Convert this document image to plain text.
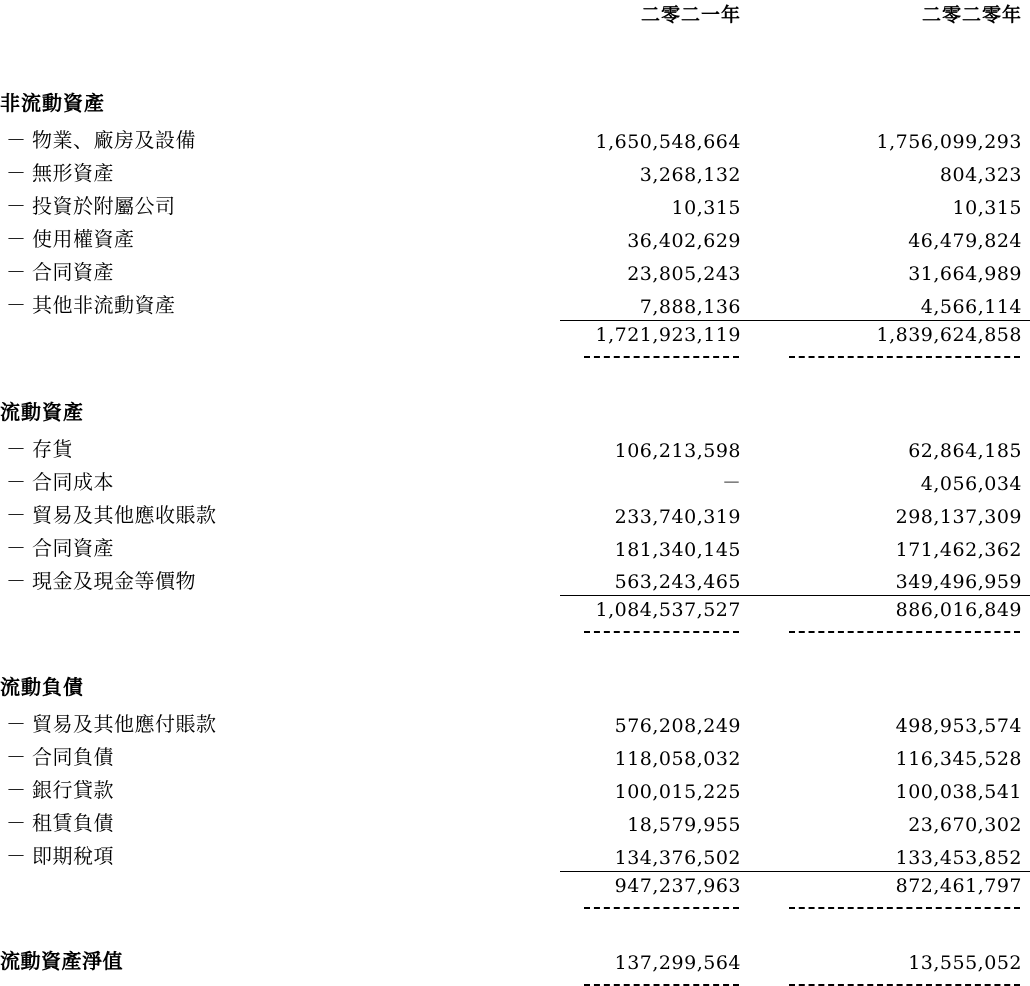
	二零二一年	二零二零年

非流動資產		
－ 物業、廠房及設備	1,650,548,664	1,756,099,293
－ 無形資產	3,268,132	804,323
－ 投資於附屬公司	10,315	10,315
－ 使用權資產	36,402,629	46,479,824
－ 合同資產	23,805,243	31,664,989
－ 其他非流動資產	7,888,136	4,566,114
	1,721,923,119	1,839,624,858

流動資產		
－ 存貨	106,213,598	62,864,185
－ 合同成本	－	4,056,034
－ 貿易及其他應收賬款	233,740,319	298,137,309
－ 合同資產	181,340,145	171,462,362
－ 現金及現金等價物	563,243,465	349,496,959
	1,084,537,527	886,016,849

流動負債		
－ 貿易及其他應付賬款	576,208,249	498,953,574
－ 合同負債	118,058,032	116,345,528
－ 銀行貸款	100,015,225	100,038,541
－ 租賃負債	18,579,955	23,670,302
－ 即期稅項	134,376,502	133,453,852
	947,237,963	872,461,797

流動資產淨值	137,299,564	13,555,052
